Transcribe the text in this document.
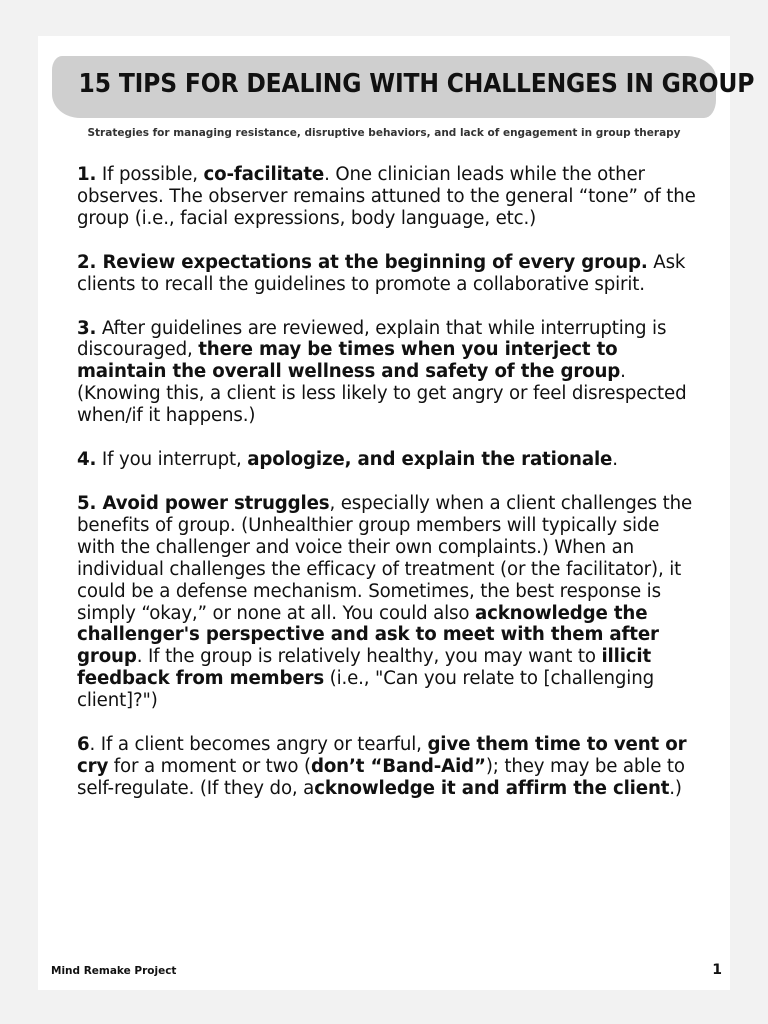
15 TIPS FOR DEALING WITH CHALLENGES IN GROUP
Strategies for managing resistance, disruptive behaviors, and lack of engagement in group therapy

1. If possible, co-facilitate. One clinician leads while the other observes. The observer remains attuned to the general “tone” of the group (i.e., facial expressions, body language, etc.)

2. Review expectations at the beginning of every group. Ask clients to recall the guidelines to promote a collaborative spirit.

3. After guidelines are reviewed, explain that while interrupting is discouraged, there may be times when you interject to maintain the overall wellness and safety of the group. (Knowing this, a client is less likely to get angry or feel disrespected when/if it happens.)

4. If you interrupt, apologize, and explain the rationale.

5. Avoid power struggles, especially when a client challenges the benefits of group. (Unhealthier group members will typically side with the challenger and voice their own complaints.) When an individual challenges the efficacy of treatment (or the facilitator), it could be a defense mechanism. Sometimes, the best response is simply “okay,” or none at all. You could also acknowledge the challenger's perspective and ask to meet with them after group. If the group is relatively healthy, you may want to illicit feedback from members (i.e., "Can you relate to [challenging client]?")

6. If a client becomes angry or tearful, give them time to vent or cry for a moment or two (don’t “Band-Aid”); they may be able to self-regulate. (If they do, acknowledge it and affirm the client.)

Mind Remake Project	1
